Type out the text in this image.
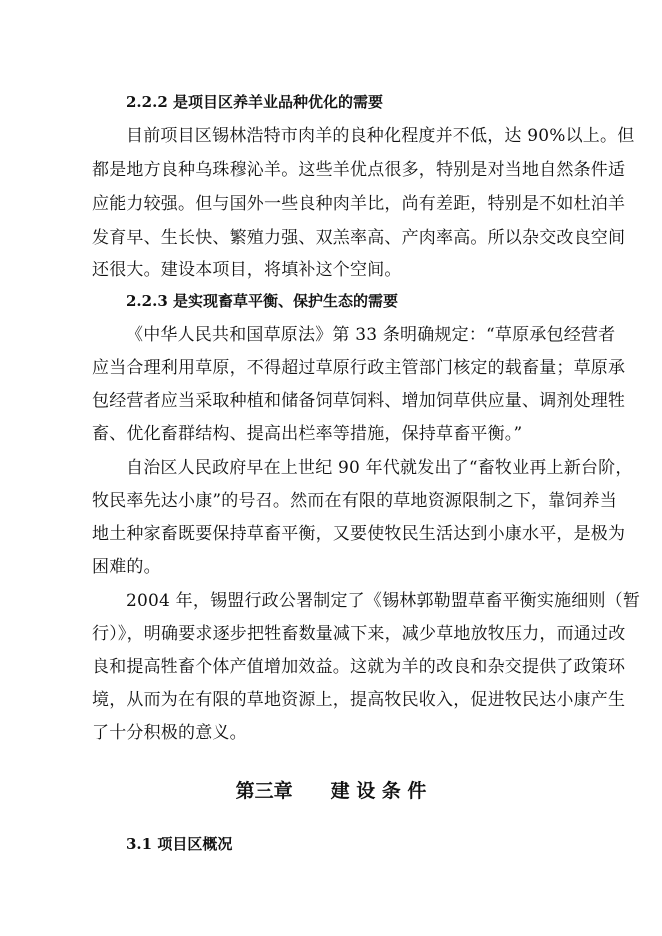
2.2.2 是项目区养羊业品种优化的需要
目前项目区锡林浩特市肉羊的良种化程度并不低，达 90%以上。但
都是地方良种乌珠穆沁羊。这些羊优点很多，特别是对当地自然条件适
应能力较强。但与国外一些良种肉羊比，尚有差距，特别是不如杜泊羊
发育早、生长快、繁殖力强、双羔率高、产肉率高。所以杂交改良空间
还很大。建设本项目，将填补这个空间。
2.2.3 是实现畜草平衡、保护生态的需要
《中华人民共和国草原法》第 33 条明确规定：“草原承包经营者
应当合理利用草原，不得超过草原行政主管部门核定的载畜量；草原承
包经营者应当采取种植和储备饲草饲料、增加饲草供应量、调剂处理牲
畜、优化畜群结构、提高出栏率等措施，保持草畜平衡。”
自治区人民政府早在上世纪 90 年代就发出了“畜牧业再上新台阶，
牧民率先达小康”的号召。然而在有限的草地资源限制之下，靠饲养当
地土种家畜既要保持草畜平衡，又要使牧民生活达到小康水平，是极为
困难的。
2004 年，锡盟行政公署制定了《锡林郭勒盟草畜平衡实施细则（暂
行）》，明确要求逐步把牲畜数量减下来，减少草地放牧压力，而通过改
良和提高牲畜个体产值增加效益。这就为羊的改良和杂交提供了政策环
境，从而为在有限的草地资源上，提高牧民收入，促进牧民达小康产生
了十分积极的意义。
第三章 建 设 条 件
3.1 项目区概况
